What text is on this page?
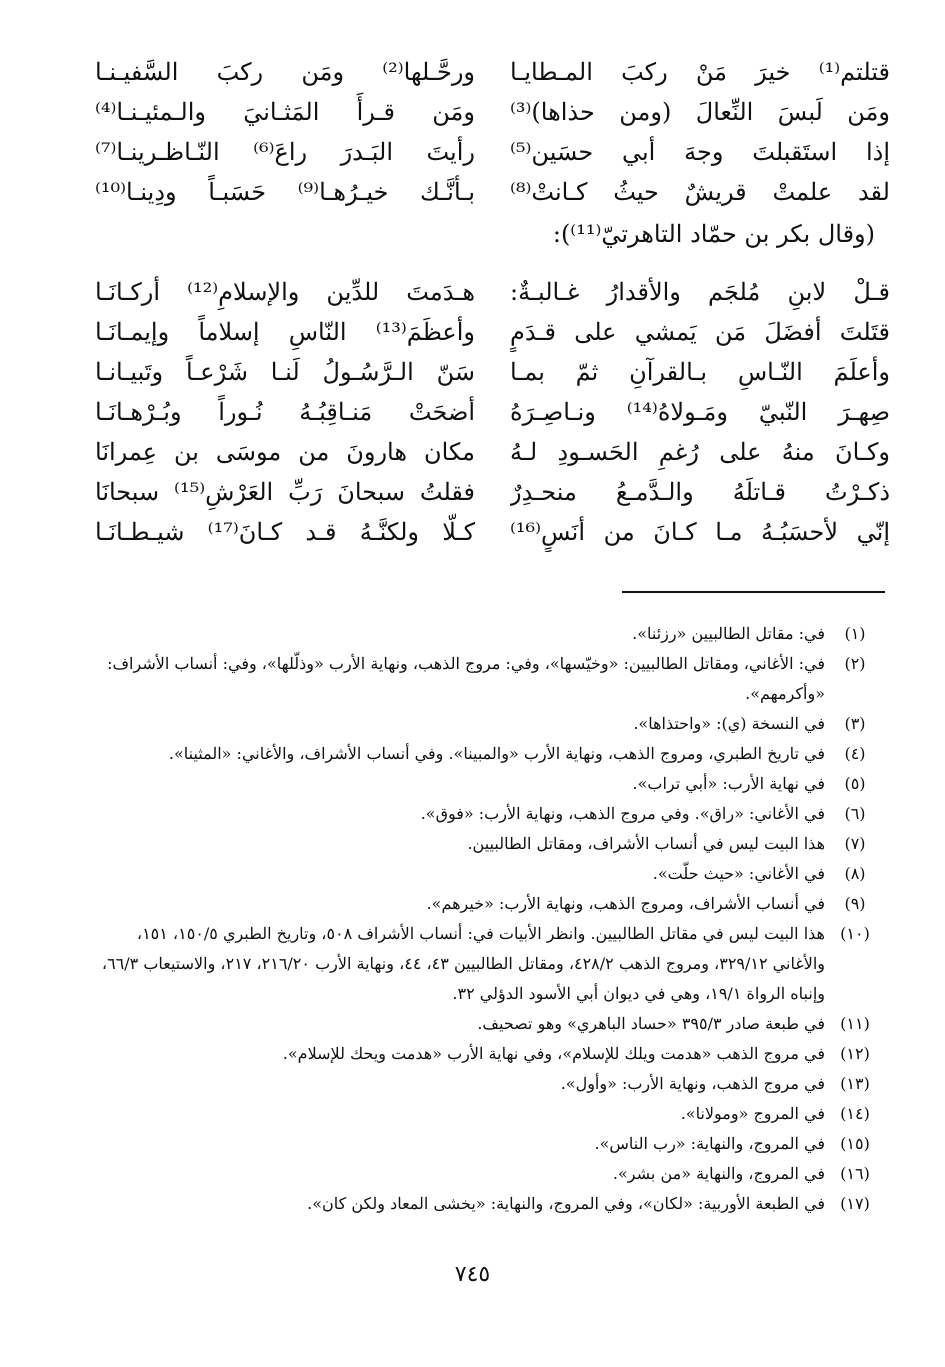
قتلتم⁽¹⁾ خيرَ مَنْ ركبَ المـطايـا
ورحَّـلها⁽²⁾ ومَن ركبَ السَّفيـنـا
ومَن لَبسَ النِّعالَ (ومن حذاها)⁽³⁾
ومَن قـرأَ المَثـانيَ والـمئيـنـا⁽⁴⁾
إذا استَقبلتَ وجهَ أبي حسَين⁽⁵⁾
رأيتَ البَـدرَ راعَ⁽⁶⁾ النّـاظـرينـا⁽⁷⁾
لقد علمتْ قريشٌ حيثُ كـانتْ⁽⁸⁾
بـأنَّـك خيـرُهـا⁽⁹⁾ حَسَبـاً ودِينـا⁽¹⁰⁾
(وقال بكر بن حمّاد التاهرتيّ⁽¹¹⁾):
قـلْ لابنِ مُلجَم والأقدارُ غـالبـةٌ:
هـدَمتَ للدِّين والإسلامِ⁽¹²⁾ أركـانَـا
قتَلتَ أفضَلَ مَن يَمشي على قـدَمٍ
وأعظَمَ⁽¹³⁾ النّاسِ إسلاماً وإيمـانَـا
وأعلَمَ النّـاسِ بـالقرآنِ ثمّ بمـا
سَنّ الـرَّسُـولُ لَنـا شَرْعـاً وتَبيـانـا
صِهـرَ النّبيّ ومَـولاهُ⁽¹⁴⁾ ونـاصِـرَهُ
أضحَتْ مَنـاقِبُـهُ نُـوراً وبُـرْهـانَـا
وكـانَ منهُ على رُغمِ الحَسـودِ لـهُ
مكان هارونَ من موسَى بن عِمرانَا
ذكـرْتُ قـاتلَهُ والـدَّمـعُ منحـدِرٌ
فقلتُ سبحانَ رَبِّ العَرْشِ⁽¹⁵⁾ سبحانَا
إنّي لأحسَبُـهُ مـا كـانَ من أنَسٍ⁽¹⁶⁾
كـلّا ولكنَّـهُ قـد كـانَ⁽¹⁷⁾ شيـطـانَـا
(١)
في: مقاتل الطالبيين «رزئنا».
(٢)
في: الأغاني، ومقاتل الطالبيين: «وخيّسها»، وفي: مروج الذهب، ونهاية الأرب «وذلّلها»، وفي: أنساب الأشراف: «وأكرمهم».
(٣)
في النسخة (ي): «واحتذاها».
(٤)
في تاريخ الطبري، ومروج الذهب، ونهاية الأرب «والمبينا». وفي أنساب الأشراف، والأغاني: «المثينا».
(٥)
في نهاية الأرب: «أبي تراب».
(٦)
في الأغاني: «راق». وفي مروج الذهب، ونهاية الأرب: «فوق».
(٧)
هذا البيت ليس في أنساب الأشراف، ومقاتل الطالبيين.
(٨)
في الأغاني: «حيث حلّت».
(٩)
في أنساب الأشراف، ومروج الذهب، ونهاية الأرب: «خيرهم».
(١٠)
هذا البيت ليس في مقاتل الطالبيين. وانظر الأبيات في: أنساب الأشراف ٥٠٨، وتاريخ الطبري ١٥٠/٥، ١٥١، والأغاني ٣٢٩/١٢، ومروج الذهب ٤٢٨/٢، ومقاتل الطالبيين ٤٣، ٤٤، ونهاية الأرب ٢١٦/٢٠، ٢١٧، والاستيعاب ٦٦/٣، وإنباه الرواة ١٩/١، وهي في ديوان أبي الأسود الدؤلي ٣٢.
(١١)
في طبعة صادر ٣٩٥/٣ «حساد الباهري» وهو تصحيف.
(١٢)
في مروج الذهب «هدمت ويلك للإسلام»، وفي نهاية الأرب «هدمت ويحك للإسلام».
(١٣)
في مروج الذهب، ونهاية الأرب: «وأول».
(١٤)
في المروج «ومولانا».
(١٥)
في المروج، والنهاية: «رب الناس».
(١٦)
في المروج، والنهاية «من بشر».
(١٧)
في الطبعة الأوربية: «لكان»، وفي المروج، والنهاية: «يخشى المعاد ولكن كان».
٧٤٥
